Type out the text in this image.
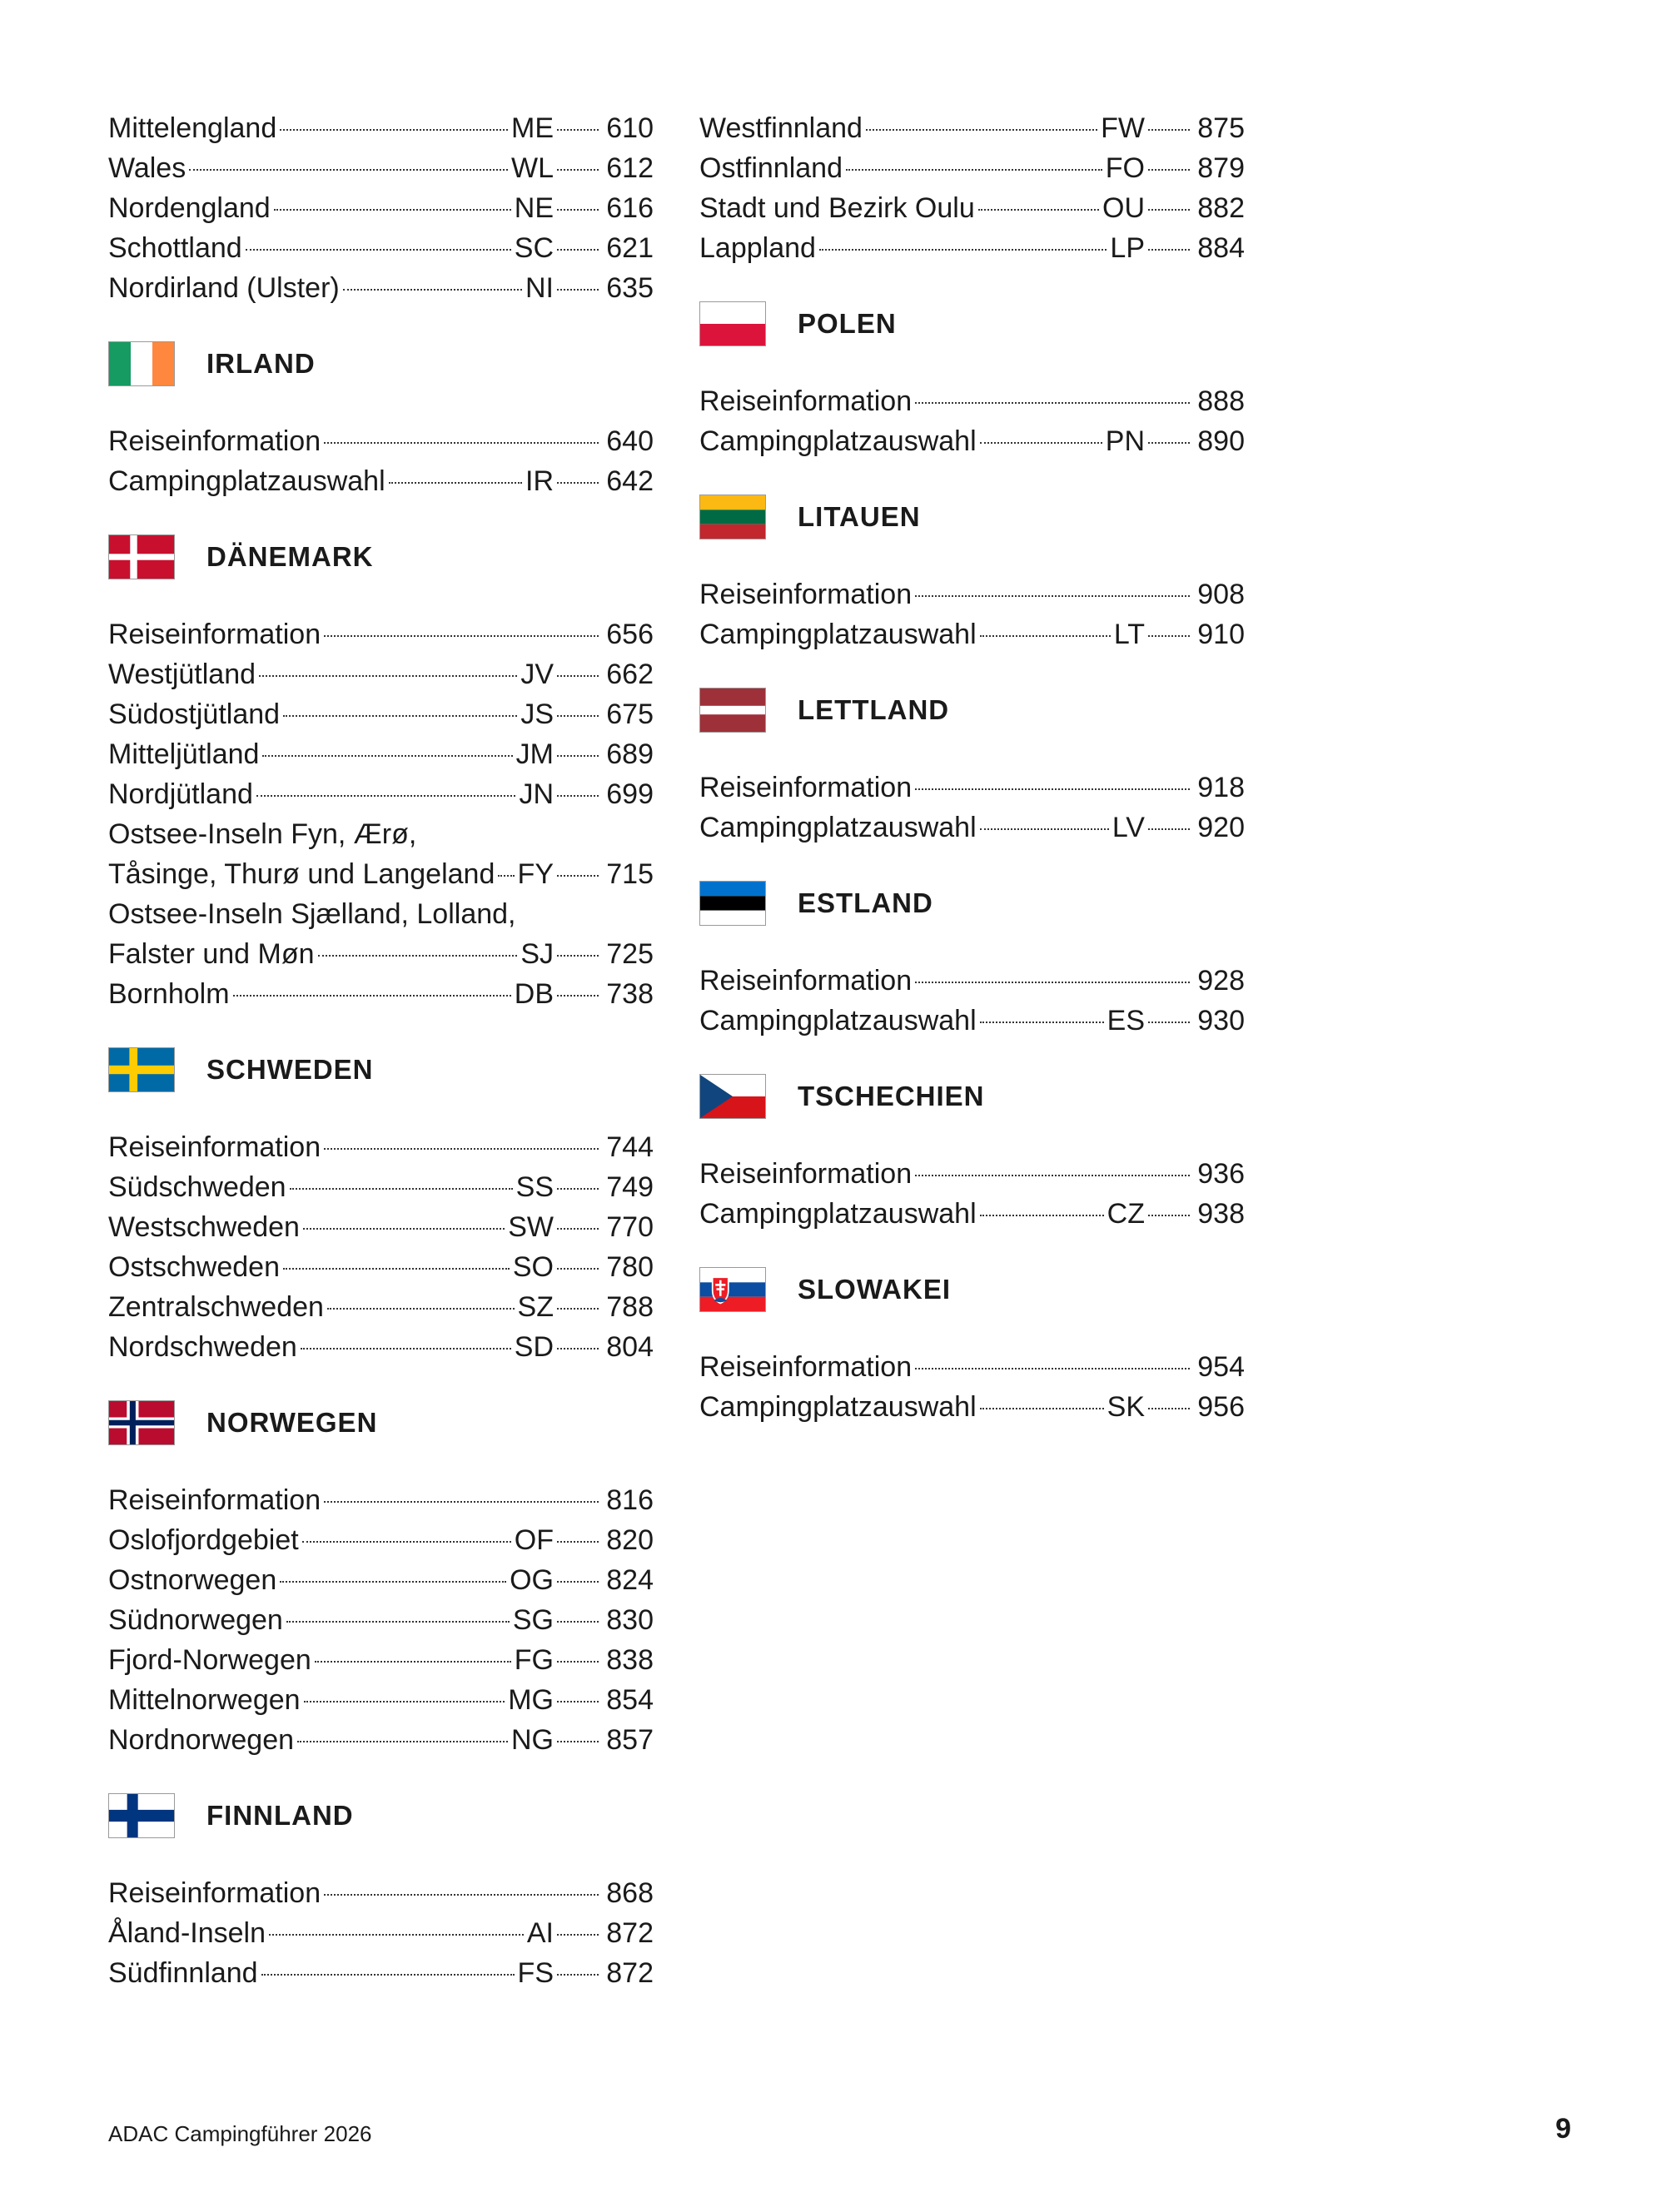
Mittelengland	ME 610
Wales	WL 612
Nordengland	NE 616
Schottland	SC 621
Nordirland (Ulster)	NI 635
IRLAND
Reiseinformation	640
Campingplatzauswahl	IR 642
DÄNEMARK
Reiseinformation	656
Westjütland	JV 662
Südostjütland	JS 675
Mitteljütland	JM 689
Nordjütland	JN 699
Ostsee-Inseln Fyn, Ærø,
Tåsinge, Thurø und Langeland FY 715
Ostsee-Inseln Sjælland, Lolland,
Falster und Møn	SJ 725
Bornholm	DB 738
SCHWEDEN
Reiseinformation	744
Südschweden	SS 749
Westschweden	SW 770
Ostschweden	SO 780
Zentralschweden	SZ 788
Nordschweden	SD 804
NORWEGEN
Reiseinformation	816
Oslofjordgebiet	OF 820
Ostnorwegen	OG 824
Südnorwegen	SG 830
Fjord-Norwegen	FG 838
Mittelnorwegen	MG 854
Nordnorwegen	NG 857
FINNLAND
Reiseinformation	868
Åland-Inseln	AI 872
Südfinnland	FS 872
Westfinnland	FW 875
Ostfinnland	FO 879
Stadt und Bezirk Oulu	OU 882
Lappland	LP 884
POLEN
Reiseinformation	888
Campingplatzauswahl	PN 890
LITAUEN
Reiseinformation	908
Campingplatzauswahl	LT 910
LETTLAND
Reiseinformation	918
Campingplatzauswahl	LV 920
ESTLAND
Reiseinformation	928
Campingplatzauswahl	ES 930
TSCHECHIEN
Reiseinformation	936
Campingplatzauswahl	CZ 938
SLOWAKEI
Reiseinformation	954
Campingplatzauswahl	SK 956
ADAC Campingführer 2026	9
